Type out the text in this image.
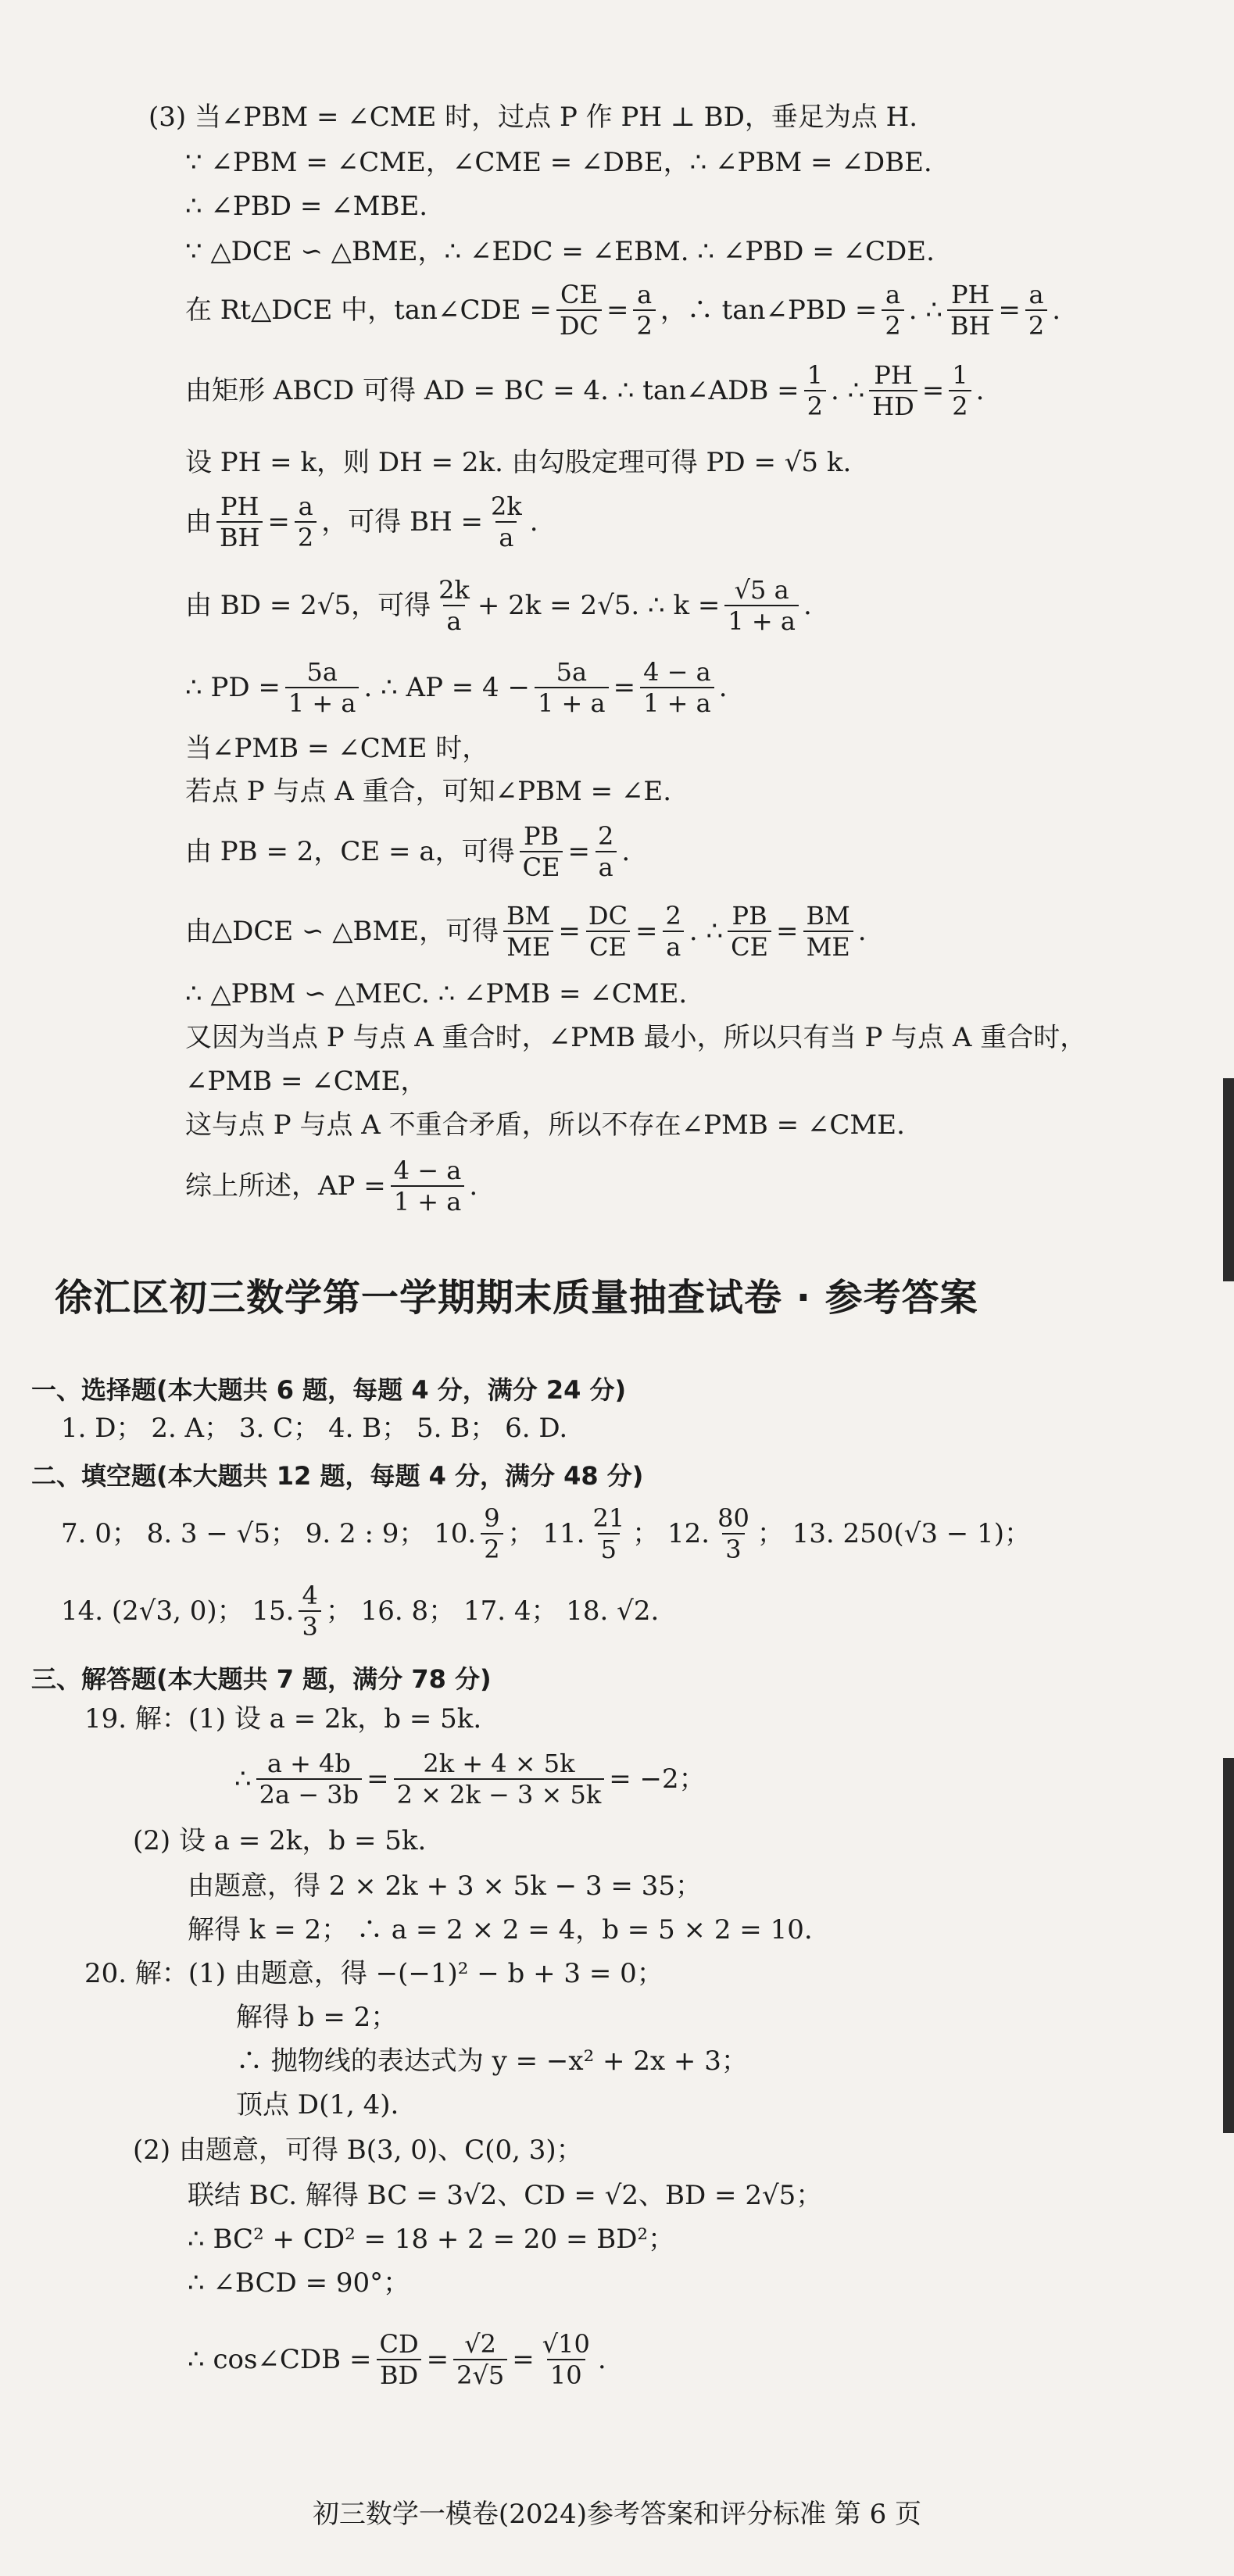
(3) 当∠PBM = ∠CME 时，过点 P 作 PH ⊥ BD，垂足为点 H.
∵ ∠PBM = ∠CME，∠CME = ∠DBE，∴ ∠PBM = ∠DBE.
∴ ∠PBD = ∠MBE.
∵ △DCE ∽ △BME，∴ ∠EDC = ∠EBM. ∴ ∠PBD = ∠CDE.
在 Rt△DCE 中，tan∠CDE = $\frac{CE}{DC} = \frac{a}{2}$ ，∴ tan∠PBD = $\frac{a}{2}$ . ∴ $\frac{PH}{BH} = \frac{a}{2}$ .
由矩形 ABCD 可得 AD = BC = 4. ∴ tan∠ADB = $\frac{1}{2}$ . ∴ $\frac{PH}{HD} = \frac{1}{2}$ .
设 PH = k，则 DH = 2k. 由勾股定理可得 PD = √5 k.
由 $\frac{PH}{BH} = \frac{a}{2}$ ，可得 BH = $\frac{2k}{a}$ .
由 BD = 2√5，可得 $\frac{2k}{a} + 2k = 2√5$. ∴ $k = \frac{√5 a}{1 + a}$ .
∴ PD = $\frac{5a}{1 + a}$ . ∴ AP = $4 - \frac{5a}{1 + a} = \frac{4 - a}{1 + a}$ .
当∠PMB = ∠CME 时，
若点 P 与点 A 重合，可知∠PBM = ∠E.
由 PB = 2，CE = a，可得 $\frac{PB}{CE} = \frac{2}{a}$ .
由△DCE ∽ △BME，可得 $\frac{BM}{ME} = \frac{DC}{CE} = \frac{2}{a}$ . ∴ $\frac{PB}{CE} = \frac{BM}{ME}$ .
∴ △PBM ∽ △MEC. ∴ ∠PMB = ∠CME.
又因为当点 P 与点 A 重合时，∠PMB 最小，所以只有当 P 与点 A 重合时，
∠PMB = ∠CME，
这与点 P 与点 A 不重合矛盾，所以不存在∠PMB = ∠CME.
综上所述，AP = $\frac{4 - a}{1 + a}$ .
徐汇区初三数学第一学期期末质量抽查试卷 · 参考答案
一、选择题(本大题共 6 题，每题 4 分，满分 24 分)
二、填空题(本大题共 12 题，每题 4 分，满分 48 分)
三、解答题(本大题共 7 题，满分 78 分)
1. D； 2. A； 3. C； 4. B； 5. B； 6. D.
7. 0； 8. 3 − √5； 9. 2 : 9； 10. $\frac{9}{2}$ ； 11. $\frac{21}{5}$ ； 12. $\frac{80}{3}$ ； 13. 250(√3 − 1)；
14. (2√3, 0)； 15. $\frac{4}{3}$ ； 16. 8； 17. 4； 18. √2.
19. 解：(1) 设 a = 2k，b = 5k.
∴ $\frac{a + 4b}{2a - 3b} = \frac{2k + 4 \times 5k}{2 \times 2k - 3 \times 5k} = -2$；
(2) 设 a = 2k，b = 5k.
由题意，得 2 × 2k + 3 × 5k − 3 = 35；
解得 k = 2； ∴ a = 2 × 2 = 4，b = 5 × 2 = 10.
20. 解：(1) 由题意，得 −(−1)² − b + 3 = 0；
解得 b = 2；
∴ 抛物线的表达式为 y = −x² + 2x + 3；
顶点 D(1, 4).
(2) 由题意，可得 B(3, 0)、C(0, 3)；
联结 BC. 解得 BC = 3√2、CD = √2、BD = 2√5；
∴ BC² + CD² = 18 + 2 = 20 = BD²；
∴ ∠BCD = 90°；
∴ cos∠CDB = $\frac{CD}{BD} = \frac{√2}{2√5} = \frac{√10}{10}$ .
初三数学一模卷(2024)参考答案和评分标准 第 6 页
